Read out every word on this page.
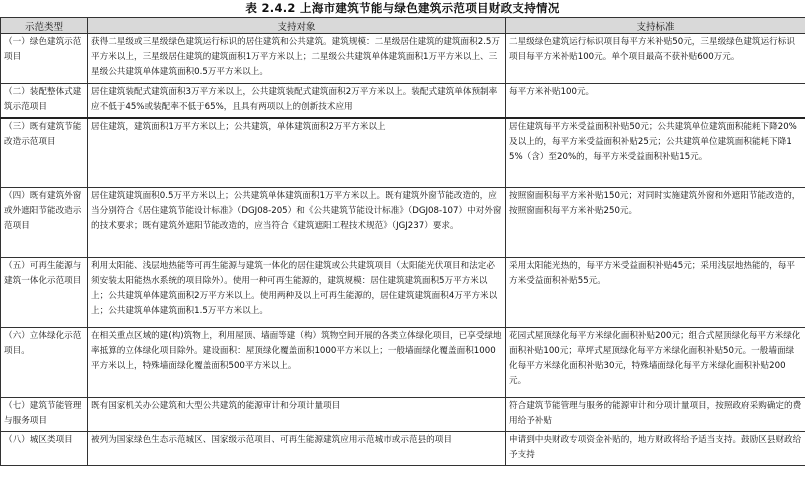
表 2.4.2 上海市建筑节能与绿色建筑示范项目财政支持情况
示范类型	支持对象	支持标准
（一）绿色建筑示范项目	获得二星级或三星级绿色建筑运行标识的居住建筑和公共建筑。建筑规模：二星级居住建筑的建筑面积2.5万平方米以上，三星级居住建筑的建筑面积1万平方米以上；二星级公共建筑单体建筑面积1万平方米以上、三星级公共建筑单体建筑面积0.5万平方米以上。	二星级绿色建筑运行标识项目每平方米补贴50元，三星级绿色建筑运行标识项目每平方米补贴100元。单个项目最高不获补贴600万元。
（二）装配整体式建筑示范项目	居住建筑装配式建筑面积3万平方米以上，公共建筑装配式建筑面积2万平方米以上。装配式建筑单体预制率应不低于45%或装配率不低于65%，且具有两项以上的创新技术应用	每平方米补贴100元。
（三）既有建筑节能改造示范项目	居住建筑，建筑面积1万平方米以上；公共建筑，单体建筑面积2万平方米以上	居住建筑每平方米受益面积补贴50元；公共建筑单位建筑面积能耗下降20%及以上的，每平方米受益面积补贴25元；公共建筑单位建筑面积能耗下降15%（含）至20%的，每平方米受益面积补贴15元。
（四）既有建筑外窗或外遮阳节能改造示范项目	居住建筑建筑面积0.5万平方米以上；公共建筑单体建筑面积1万平方米以上。既有建筑外窗节能改造的，应当分别符合《居住建筑节能设计标准》（DGJ08-205）和《公共建筑节能设计标准》（DGJ08-107）中对外窗的技术要求；既有建筑外遮阳节能改造的，应当符合《建筑遮阳工程技术规范》（JGJ237）要求。	按照窗面积每平方米补贴150元；对同时实施建筑外窗和外遮阳节能改造的，按照窗面积每平方米补贴250元。
（五）可再生能源与建筑一体化示范项目	利用太阳能、浅层地热能等可再生能源与建筑一体化的居住建筑或公共建筑项目（太阳能光伏项目和法定必须安装太阳能热水系统的项目除外）。使用一种可再生能源的，建筑规模：居住建筑建筑面积5万平方米以上；公共建筑单体建筑面积2万平方米以上。使用两种及以上可再生能源的，居住建筑建筑面积4万平方米以上；公共建筑单体建筑面积1.5万平方米以上。	采用太阳能光热的，每平方米受益面积补贴45元；采用浅层地热能的，每平方米受益面积补贴55元。
（六）立体绿化示范项目。	在相关重点区域的建(构)筑物上，利用屋顶、墙面等建（构）筑物空间开展的各类立体绿化项目，已享受绿地率抵算的立体绿化项目除外。建设面积：屋顶绿化覆盖面积1000平方米以上；一般墙面绿化覆盖面积1000平方米以上，特殊墙面绿化覆盖面积500平方米以上。	花园式屋顶绿化每平方米绿化面积补贴200元；组合式屋顶绿化每平方米绿化面积补贴100元；草坪式屋顶绿化每平方米绿化面积补贴50元。一般墙面绿化每平方米绿化面积补贴30元，特殊墙面绿化每平方米绿化面积补贴200元。
（七）建筑节能管理与服务项目	既有国家机关办公建筑和大型公共建筑的能源审计和分项计量项目	符合建筑节能管理与服务的能源审计和分项计量项目，按照政府采购确定的费用给予补贴
（八）城区类项目	被列为国家绿色生态示范城区、国家级示范项目、可再生能源建筑应用示范城市或示范县的项目	申请到中央财政专项资金补贴的，地方财政将给予适当支持。鼓励区县财政给予支持
